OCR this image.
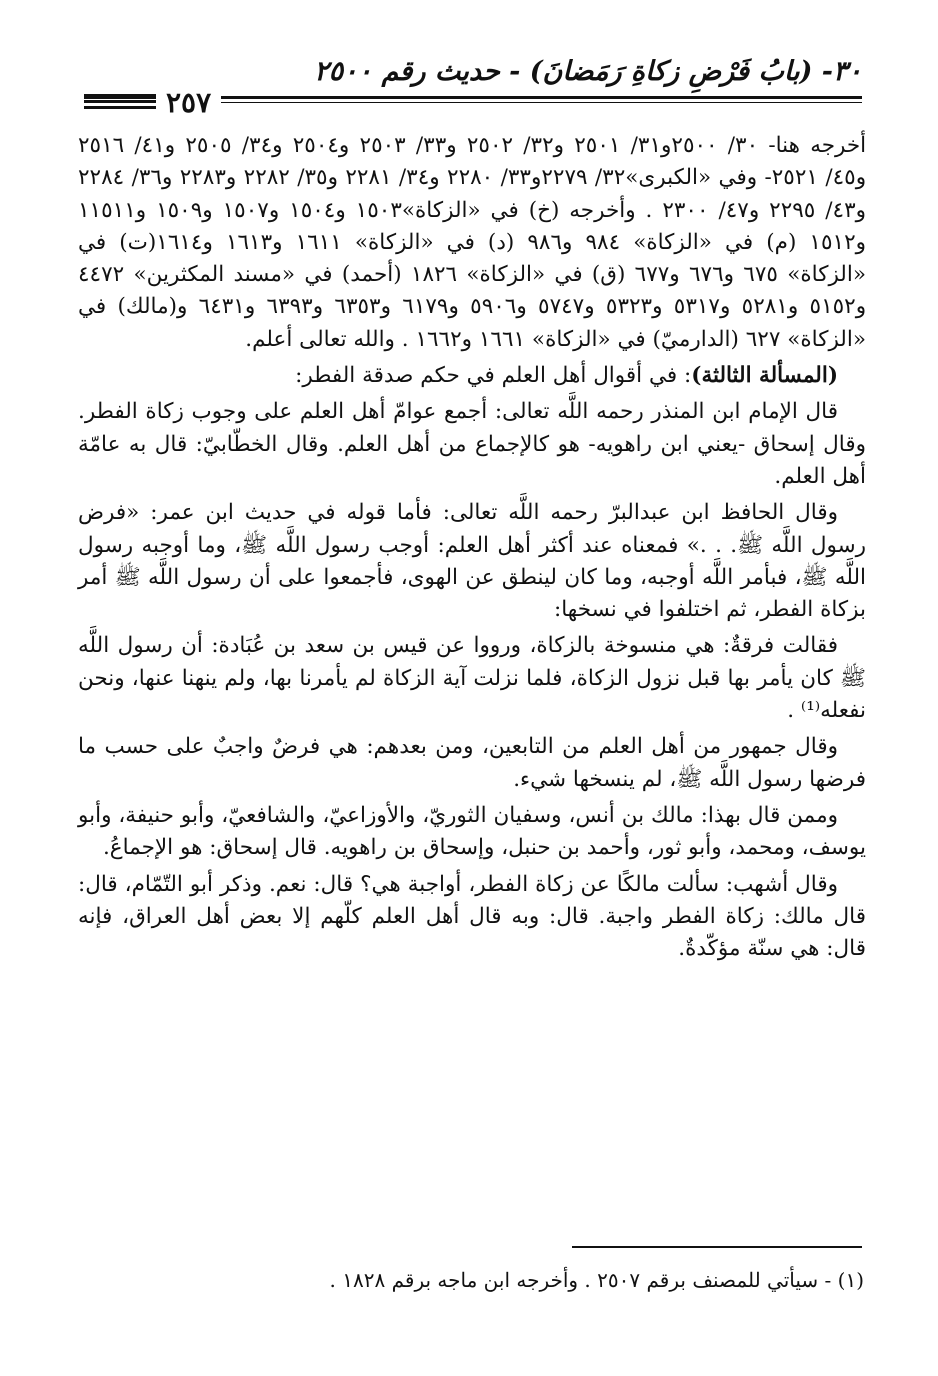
٣٠- (بابُ فَرْضِ زكاةِ رَمَضانَ) - حديث رقم ٢٥٠٠
٢٥٧

أخرجه هنا- ٣٠/ ٢٥٠٠و٣١/ ٢٥٠١ و٣٢/ ٢٥٠٢ و٣٣/ ٢٥٠٣ و٢٥٠٤ و٣٤/ ٢٥٠٥ و٤١/ ٢٥١٦ و٤٥/ ٢٥٢١- وفي «الكبرى»٣٢/ ٢٢٧٩و٣٣/ ٢٢٨٠ و٣٤/ ٢٢٨١ و٣٥/ ٢٢٨٢ و٢٢٨٣ و٣٦/ ٢٢٨٤ و٤٣/ ٢٢٩٥ و٤٧/ ٢٣٠٠ . وأخرجه (خ) في «الزكاة»١٥٠٣ و١٥٠٤ و١٥٠٧ و١٥٠٩ و١١٥١١ و١٥١٢ (م) في «الزكاة» ٩٨٤ و٩٨٦ (د) في «الزكاة» ١٦١١ و١٦١٣ و١٦١٤(ت) في «الزكاة» ٦٧٥ و٦٧٦ و٦٧٧ (ق) في «الزكاة» ١٨٢٦ (أحمد) في «مسند المكثرين» ٤٤٧٢ و٥١٥٢ و٥٢٨١ و٥٣١٧ و٥٣٢٣ و٥٧٤٧ و٥٩٠٦ و٦١٧٩ و٦٣٥٣ و٦٣٩٣ و٦٤٣١ و(مالك) في «الزكاة» ٦٢٧ (الدارميّ) في «الزكاة» ١٦٦١ و١٦٦٢ . والله تعالى أعلم.

(المسألة الثالثة): في أقوال أهل العلم في حكم صدقة الفطر:

قال الإمام ابن المنذر رحمه اللَّه تعالى: أجمع عوامّ أهل العلم على وجوب زكاة الفطر. وقال إسحاق -يعني ابن راهويه- هو كالإجماع من أهل العلم. وقال الخطّابيّ: قال به عامّة أهل العلم.

وقال الحافظ ابن عبدالبرّ رحمه اللَّه تعالى: فأما قوله في حديث ابن عمر: «فرض رسول اللَّه ﷺ. . .» فمعناه عند أكثر أهل العلم: أوجب رسول اللَّه ﷺ، وما أوجبه رسول اللَّه ﷺ، فبأمر اللَّه أوجبه، وما كان لينطق عن الهوى، فأجمعوا على أن رسول اللَّه ﷺ أمر بزكاة الفطر، ثم اختلفوا في نسخها:

فقالت فرقةٌ: هي منسوخة بالزكاة، ورووا عن قيس بن سعد بن عُبَادة: أن رسول اللَّه ﷺ كان يأمر بها قبل نزول الزكاة، فلما نزلت آية الزكاة لم يأمرنا بها، ولم ينهنا عنها، ونحن نفعله⁽¹⁾ .

وقال جمهور من أهل العلم من التابعين، ومن بعدهم: هي فرضٌ واجبٌ على حسب ما فرضها رسول اللَّه ﷺ، لم ينسخها شيء.

وممن قال بهذا: مالك بن أنس، وسفيان الثوريّ، والأوزاعيّ، والشافعيّ، وأبو حنيفة، وأبو يوسف، ومحمد، وأبو ثور، وأحمد بن حنبل، وإسحاق بن راهويه. قال إسحاق: هو الإجماعُ.

وقال أشهب: سألت مالكًا عن زكاة الفطر، أواجبة هي؟ قال: نعم. وذكر أبو التّمّام، قال: قال مالك: زكاة الفطر واجبة. قال: وبه قال أهل العلم كلّهم إلا بعض أهل العراق، فإنه قال: هي سنّة مؤكّدةٌ.

(١) - سيأتي للمصنف برقم ٢٥٠٧ . وأخرجه ابن ماجه برقم ١٨٢٨ .
